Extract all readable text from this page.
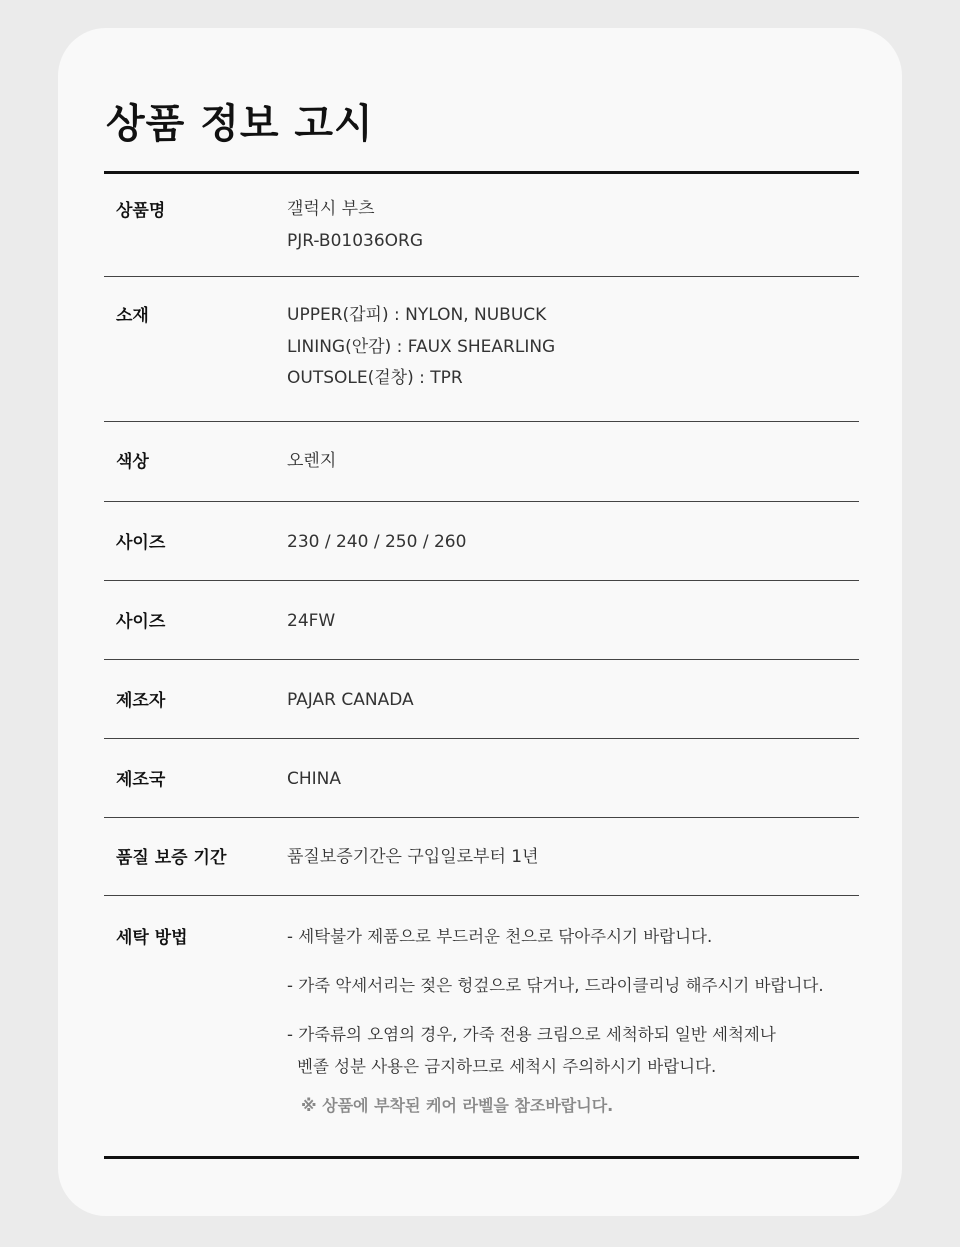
상품 정보 고시
상품명	갤럭시 부츠
PJR-B01036ORG
소재	UPPER(갑피) : NYLON, NUBUCK
LINING(안감) : FAUX SHEARLING
OUTSOLE(겉창) : TPR
색상	오렌지
사이즈	230 / 240 / 250 / 260
사이즈	24FW
제조자	PAJAR CANADA
제조국	CHINA
품질 보증 기간	품질보증기간은 구입일로부터 1년
세탁 방법	- 세탁불가 제품으로 부드러운 천으로 닦아주시기 바랍니다.
- 가죽 악세서리는 젖은 헝겊으로 닦거나, 드라이클리닝 해주시기 바랍니다.
- 가죽류의 오염의 경우, 가죽 전용 크림으로 세척하되 일반 세척제나
벤졸 성분 사용은 금지하므로 세척시 주의하시기 바랍니다.
※ 상품에 부착된 케어 라벨을 참조바랍니다.
